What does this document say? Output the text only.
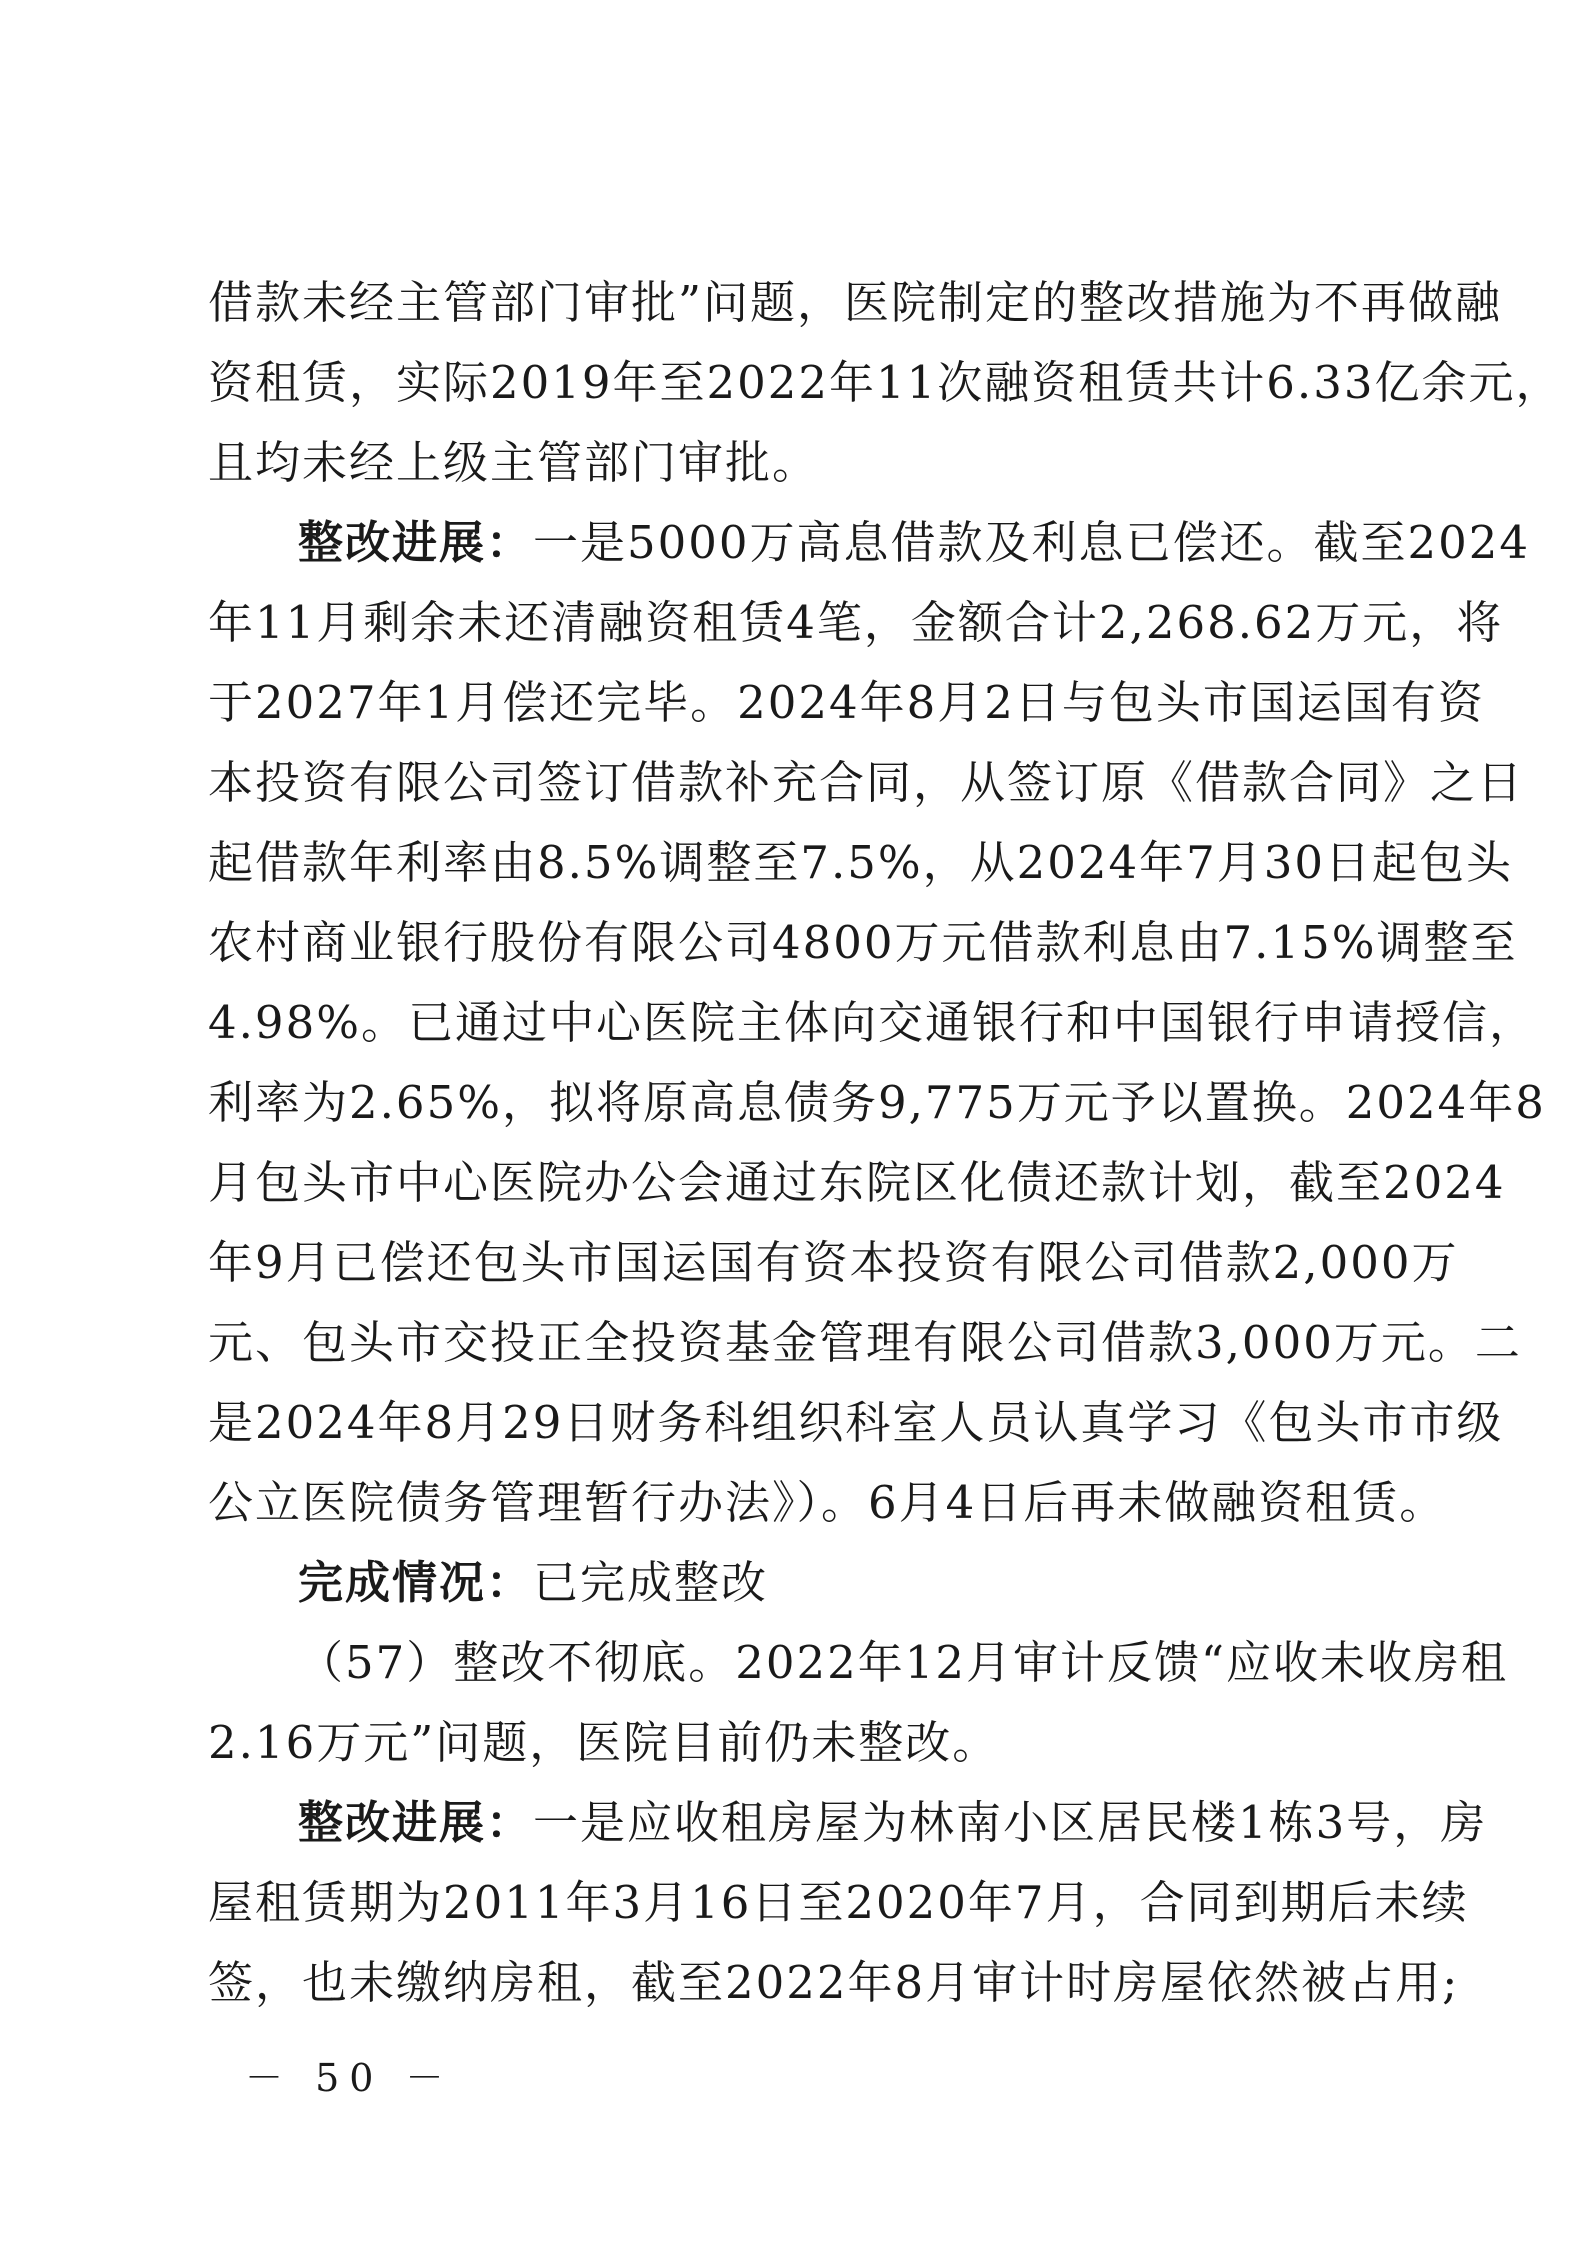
借款未经主管部门审批”问题，医院制定的整改措施为不再做融
资租赁，实际2019年至2022年11次融资租赁共计6.33亿余元，
且均未经上级主管部门审批。
整改进展：一是5000万高息借款及利息已偿还。截至2024
年11月剩余未还清融资租赁4笔，金额合计2,268.62万元，将
于2027年1月偿还完毕。2024年8月2日与包头市国运国有资
本投资有限公司签订借款补充合同，从签订原《借款合同》之日
起借款年利率由8.5%调整至7.5%，从2024年7月30日起包头
农村商业银行股份有限公司4800万元借款利息由7.15%调整至
4.98%。已通过中心医院主体向交通银行和中国银行申请授信，
利率为2.65%，拟将原高息债务9,775万元予以置换。2024年8
月包头市中心医院办公会通过东院区化债还款计划，截至2024
年9月已偿还包头市国运国有资本投资有限公司借款2,000万
元、包头市交投正全投资基金管理有限公司借款3,000万元。二
是2024年8月29日财务科组织科室人员认真学习《包头市市级
公立医院债务管理暂行办法》）。6月4日后再未做融资租赁。
完成情况：已完成整改
（57）整改不彻底。2022年12月审计反馈“应收未收房租
2.16万元”问题，医院目前仍未整改。
整改进展：一是应收租房屋为林南小区居民楼1栋3号，房
屋租赁期为2011年3月16日至2020年7月，合同到期后未续
签，也未缴纳房租，截至2022年8月审计时房屋依然被占用;
－ 50 －
